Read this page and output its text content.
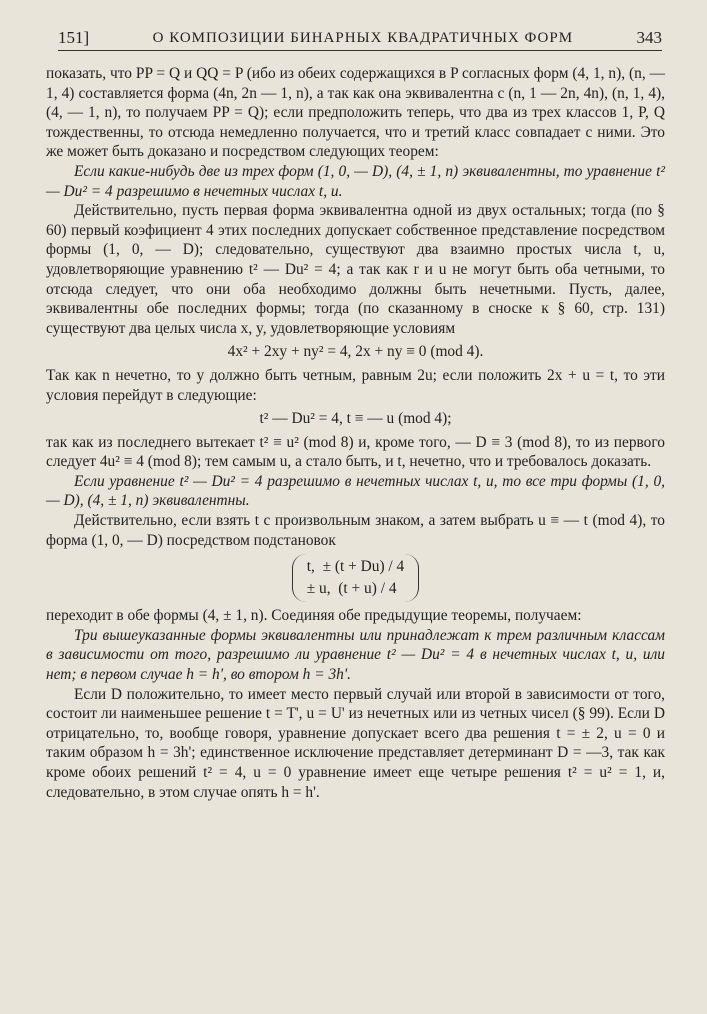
151]	О КОМПОЗИЦИИ БИНАРНЫХ КВАДРАТИЧНЫХ ФОРМ	343

показать, что PP = Q и QQ = P (ибо из обеих содержащихся в P согласных форм (4, 1, n), (n, — 1, 4) составляется форма (4n, 2n — 1, n), а так как она эквивалентна с (n, 1 — 2n, 4n), (n, 1, 4), (4, — 1, n), то получаем PP = Q); если предположить теперь, что два из трех классов 1, P, Q тождественны, то отсюда немедленно получается, что и третий класс совпадает с ними. Это же может быть доказано и посредством следующих теорем:

Если какие-нибудь две из трех форм (1, 0, — D), (4, ± 1, n) эквивалентны, то уравнение t² — Du² = 4 разрешимо в нечетных числах t, u.

Действительно, пусть первая форма эквивалентна одной из двух остальных; тогда (по § 60) первый коэфициент 4 этих последних допускает собственное представление посредством формы (1, 0, — D); следовательно, существуют два взаимно простых числа t, u, удовлетворяющие уравнению t² — Du² = 4; а так как r и u не могут быть оба четными, то отсюда следует, что они оба необходимо должны быть нечетными. Пусть, далее, эквивалентны обе последних формы; тогда (по сказанному в сноске к § 60, стр. 131) существуют два целых числа x, y, удовлетворяющие условиям

4x² + 2xy + ny² = 4, 2x + ny ≡ 0 (mod 4).

Так как n нечетно, то y должно быть четным, равным 2u; если положить 2x + u = t, то эти условия перейдут в следующие:

t² — Du² = 4, t ≡ — u (mod 4);

так как из последнего вытекает t² ≡ u² (mod 8) и, кроме того, — D ≡ 3 (mod 8), то из первого следует 4u² ≡ 4 (mod 8); тем самым u, а стало быть, и t, нечетно, что и требовалось доказать.

Если уравнение t² — Du² = 4 разрешимо в нечетных числах t, u, то все три формы (1, 0, — D), (4, ± 1, n) эквивалентны.

Действительно, если взять t с произвольным знаком, а затем выбрать u ≡ — t (mod 4), то форма (1, 0, — D) посредством подстановок

t, ± (t + Du) / 4
± u, (t + u) / 4

переходит в обе формы (4, ± 1, n). Соединяя обе предыдущие теоремы, получаем:

Три вышеуказанные формы эквивалентны или принадлежат к трем различным классам в зависимости от того, разрешимо ли уравнение t² — Du² = 4 в нечетных числах t, u, или нет; в первом случае h = h', во втором h = 3h'.

Если D положительно, то имеет место первый случай или второй в зависимости от того, состоит ли наименьшее решение t = T', u = U' из нечетных или из четных чисел (§ 99). Если D отрицательно, то, вообще говоря, уравнение допускает всего два решения t = ± 2, u = 0 и таким образом h = 3h'; единственное исключение представляет детерминант D = —3, так как кроме обоих решений t² = 4, u = 0 уравнение имеет еще четыре решения t² = u² = 1, и, следовательно, в этом случае опять h = h'.
